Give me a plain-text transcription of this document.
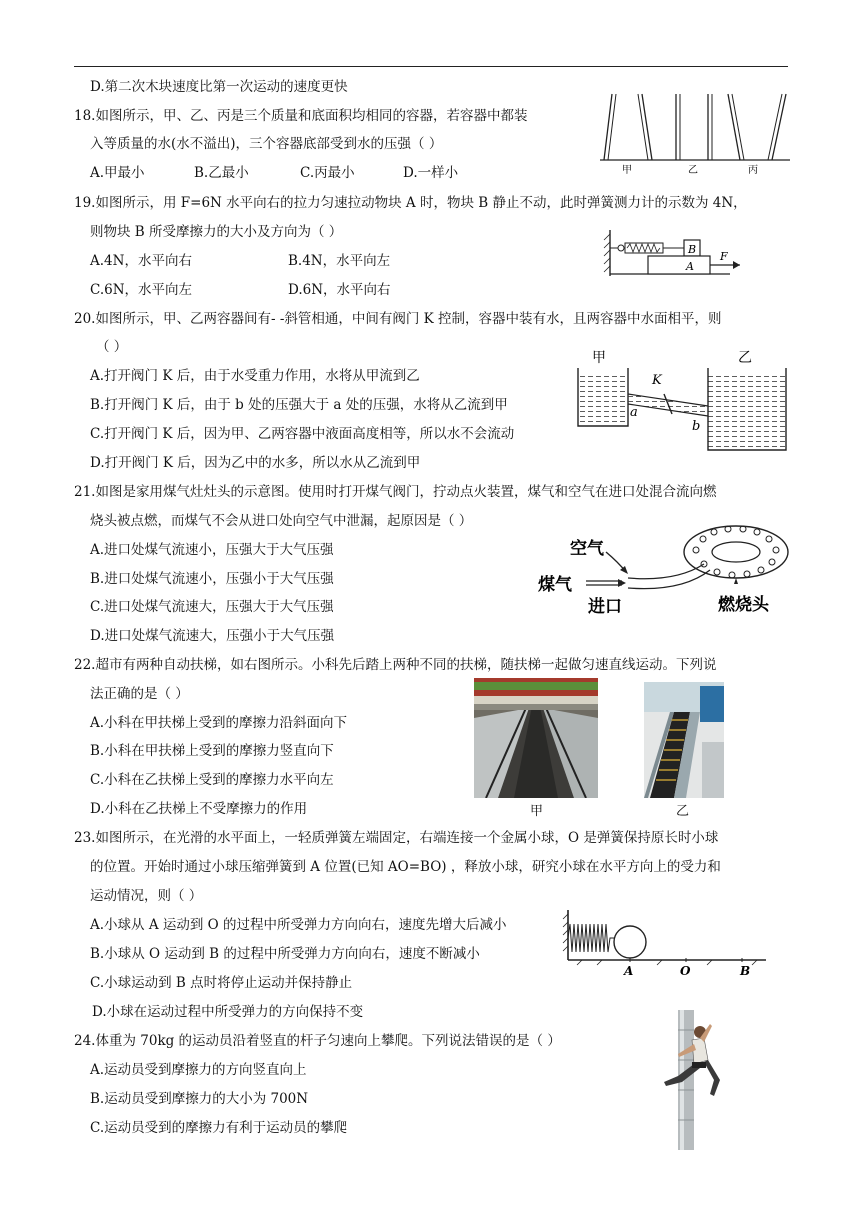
D.第二次木块速度比第一次运动的速度更快
18.如图所示，甲、乙、丙是三个质量和底面积均相同的容器，若容器中都装
入等质量的水(水不溢出)，三个容器底部受到水的压强（ ）
A.甲最小	B.乙最小	C.丙最小	D.一样小	甲	乙	丙
19.如图所示，用 F=6N 水平向右的拉力匀速拉动物块 A 时，物块 B 静止不动，此时弹簧测力计的示数为 4N，
则物块 B 所受摩擦力的大小及方向为（ ）
A.4N，水平向右	B.4N，水平向左
C.6N，水平向左	D.6N，水平向右
B
A
F
20.如图所示，甲、乙两容器间有- -斜管相通，中间有阀门 K 控制，容器中装有水，且两容器中水面相平，则
（ ）
A.打开阀门 K 后，由于水受重力作用，水将从甲流到乙
B.打开阀门 K 后，由于 b 处的压强大于 a 处的压强，水将从乙流到甲
C.打开阀门 K 后，因为甲、乙两容器中液面高度相等，所以水不会流动
D.打开阀门 K 后，因为乙中的水多，所以水从乙流到甲
甲	乙
K
a
b
21.如图是家用煤气灶灶头的示意图。使用时打开煤气阀门，拧动点火装置，煤气和空气在进口处混合流向燃
烧头被点燃，而煤气不会从进口处向空气中泄漏，起原因是（ ）
A.进口处煤气流速小，压强大于大气压强
B.进口处煤气流速小，压强小于大气压强
C.进口处煤气流速大，压强大于大气压强
D.进口处煤气流速大，压强小于大气压强
空气
煤气
进口	燃烧头
22.超市有两种自动扶梯，如右图所示。小科先后踏上两种不同的扶梯，随扶梯一起做匀速直线运动。下列说
法正确的是（ ）
A.小科在甲扶梯上受到的摩擦力沿斜面向下
B.小科在甲扶梯上受到的摩擦力竖直向下
C.小科在乙扶梯上受到的摩擦力水平向左
D.小科在乙扶梯上不受摩擦力的作用	甲	乙
23.如图所示，在光滑的水平面上，一轻质弹簧左端固定，右端连接一个金属小球，O 是弹簧保持原长时小球
的位置。开始时通过小球压缩弹簧到 A 位置(已知 AO=BO) ，释放小球，研究小球在水平方向上的受力和
运动情况，则（ ）
A.小球从 A 运动到 O 的过程中所受弹力方向向右，速度先增大后减小
B.小球从 O 运动到 B 的过程中所受弹力方向向右，速度不断减小
C.小球运动到 B 点时将停止运动并保持静止
D.小球在运动过程中所受弹力的方向保持不变
A	O	B
24.体重为 70kg 的运动员沿着竖直的杆子匀速向上攀爬。下列说法错误的是（ ）
A.运动员受到摩擦力的方向竖直向上
B.运动员受到摩擦力的大小为 700N
C.运动员受到的摩擦力有利于运动员的攀爬
